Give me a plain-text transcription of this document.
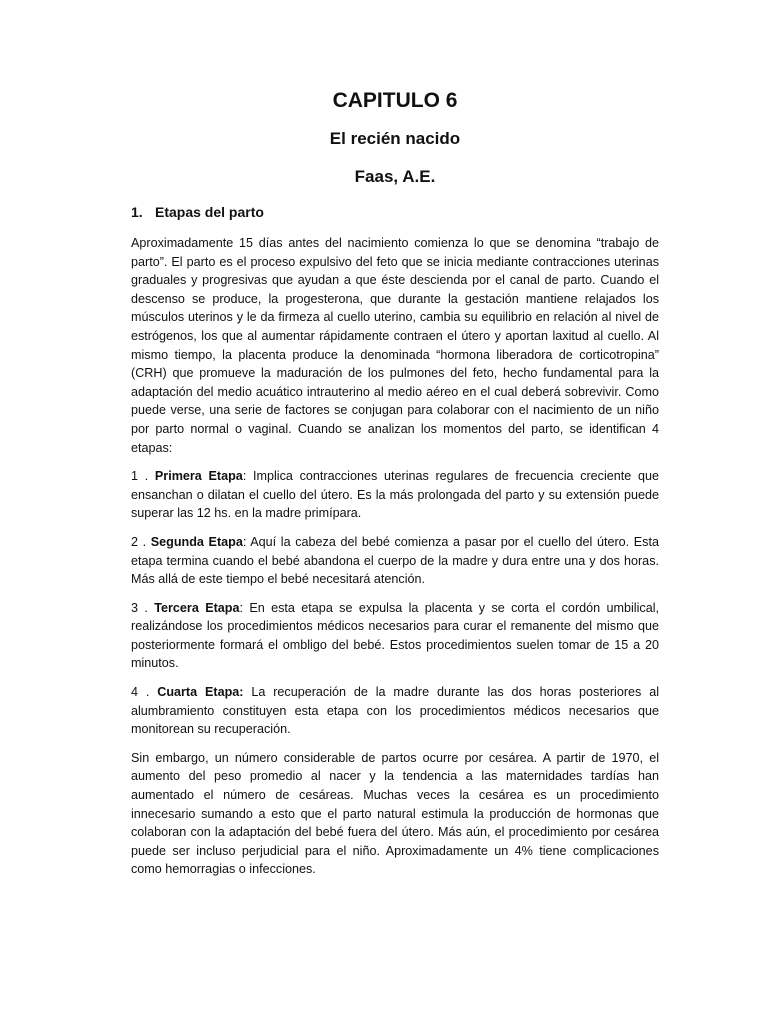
CAPITULO 6
El recién nacido
Faas, A.E.
1. Etapas del parto

Aproximadamente 15 días antes del nacimiento comienza lo que se denomina “trabajo de parto”. El parto es el proceso expulsivo del feto que se inicia mediante contracciones uterinas graduales y progresivas que ayudan a que éste descienda por el canal de parto. Cuando el descenso se produce, la progesterona, que durante la gestación mantiene relajados los músculos uterinos y le da firmeza al cuello uterino, cambia su equilibrio en relación al nivel de estrógenos, los que al aumentar rápidamente contraen el útero y aportan laxitud al cuello. Al mismo tiempo, la placenta produce la denominada “hormona liberadora de corticotropina” (CRH) que promueve la maduración de los pulmones del feto, hecho fundamental para la adaptación del medio acuático intrauterino al medio aéreo en el cual deberá sobrevivir. Como puede verse, una serie de factores se conjugan para colaborar con el nacimiento de un niño por parto normal o vaginal. Cuando se analizan los momentos del parto, se identifican 4 etapas:

1 . Primera Etapa: Implica contracciones uterinas regulares de frecuencia creciente que ensanchan o dilatan el cuello del útero. Es la más prolongada del parto y su extensión puede superar las 12 hs. en la madre primípara.

2 . Segunda Etapa: Aquí la cabeza del bebé comienza a pasar por el cuello del útero. Esta etapa termina cuando el bebé abandona el cuerpo de la madre y dura entre una y dos horas. Más allá de este tiempo el bebé necesitará atención.

3 . Tercera Etapa: En esta etapa se expulsa la placenta y se corta el cordón umbilical, realizándose los procedimientos médicos necesarios para curar el remanente del mismo que posteriormente formará el ombligo del bebé. Estos procedimientos suelen tomar de 15 a 20 minutos.

4 . Cuarta Etapa: La recuperación de la madre durante las dos horas posteriores al alumbramiento constituyen esta etapa con los procedimientos médicos necesarios que monitorean su recuperación.

Sin embargo, un número considerable de partos ocurre por cesárea. A partir de 1970, el aumento del peso promedio al nacer y la tendencia a las maternidades tardías han aumentado el número de cesáreas. Muchas veces la cesárea es un procedimiento innecesario sumando a esto que el parto natural estimula la producción de hormonas que colaboran con la adaptación del bebé fuera del útero. Más aún, el procedimiento por cesárea puede ser incluso perjudicial para el niño. Aproximadamente un 4% tiene complicaciones como hemorragias o infecciones.
